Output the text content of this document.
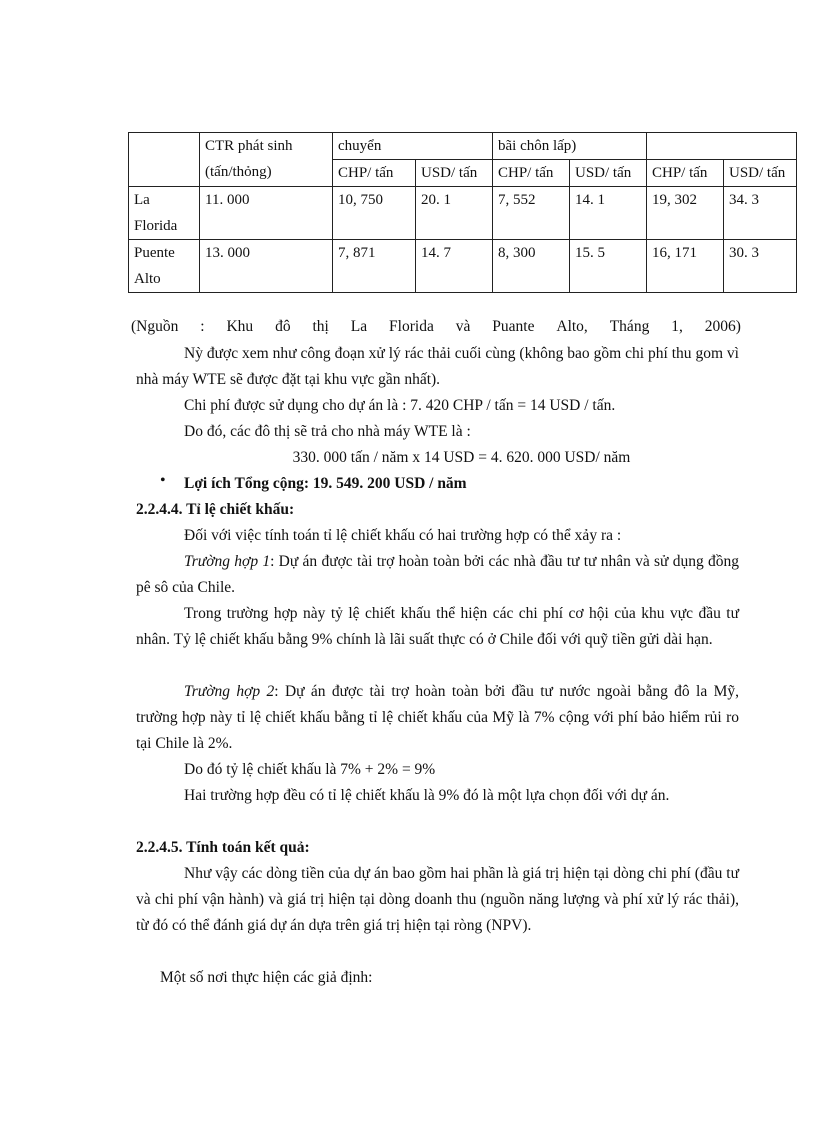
	CTR phát sinh (tấn/thỏng)	chuyển		bãi chôn lấp)			
		CHP/ tấn	USD/ tấn	CHP/ tấn	USD/ tấn	CHP/ tấn	USD/ tấn
La Florida	11. 000	10, 750	20. 1	7, 552	14. 1	19, 302	34. 3
Puente Alto	13. 000	7, 871	14. 7	8, 300	15. 5	16, 171	30. 3
(Nguồn : Khu đô thị La Florida và Puante Alto, Tháng 1, 2006)
Nỳ được xem như công đoạn xử lý rác thải cuối cùng (không bao gồm chi phí thu gom vì nhà máy WTE sẽ được đặt tại khu vực gần nhất).
Chi phí được sử dụng cho dự án là : 7. 420 CHP / tấn = 14 USD / tấn.
Do đó, các đô thị sẽ trả cho nhà máy WTE là :
330. 000 tấn / năm x 14 USD = 4. 620. 000 USD/ năm
• Lợi ích Tổng cộng: 19. 549. 200 USD / năm
2.2.4.4. Tỉ lệ chiết khấu:
Đối với việc tính toán tỉ lệ chiết khấu có hai trường hợp có thể xảy ra :
Trường hợp 1: Dự án được tài trợ hoàn toàn bởi các nhà đầu tư tư nhân và sử dụng đồng pê sô của Chile.
Trong trường hợp này tỷ lệ chiết khấu thể hiện các chi phí cơ hội của khu vực đầu tư nhân. Tỷ lệ chiết khấu bằng 9% chính là lãi suất thực có ở Chile đối với quỹ tiền gửi dài hạn.
Trường hợp 2: Dự án được tài trợ hoàn toàn bởi đầu tư nước ngoài bằng đô la Mỹ, trường hợp này tỉ lệ chiết khấu bằng tỉ lệ chiết khấu của Mỹ là 7% cộng với phí bảo hiểm rủi ro tại Chile là 2%.
Do đó tỷ lệ chiết khấu là 7% + 2% = 9%
Hai trường hợp đều có tỉ lệ chiết khấu là 9% đó là một lựa chọn đối với dự án.
2.2.4.5. Tính toán kết quả:
Như vậy các dòng tiền của dự án bao gồm hai phần là giá trị hiện tại dòng chi phí (đầu tư và chi phí vận hành) và giá trị hiện tại dòng doanh thu (nguồn năng lượng và phí xử lý rác thải), từ đó có thể đánh giá dự án dựa trên giá trị hiện tại ròng (NPV).
Một số nơi thực hiện các giả định:
